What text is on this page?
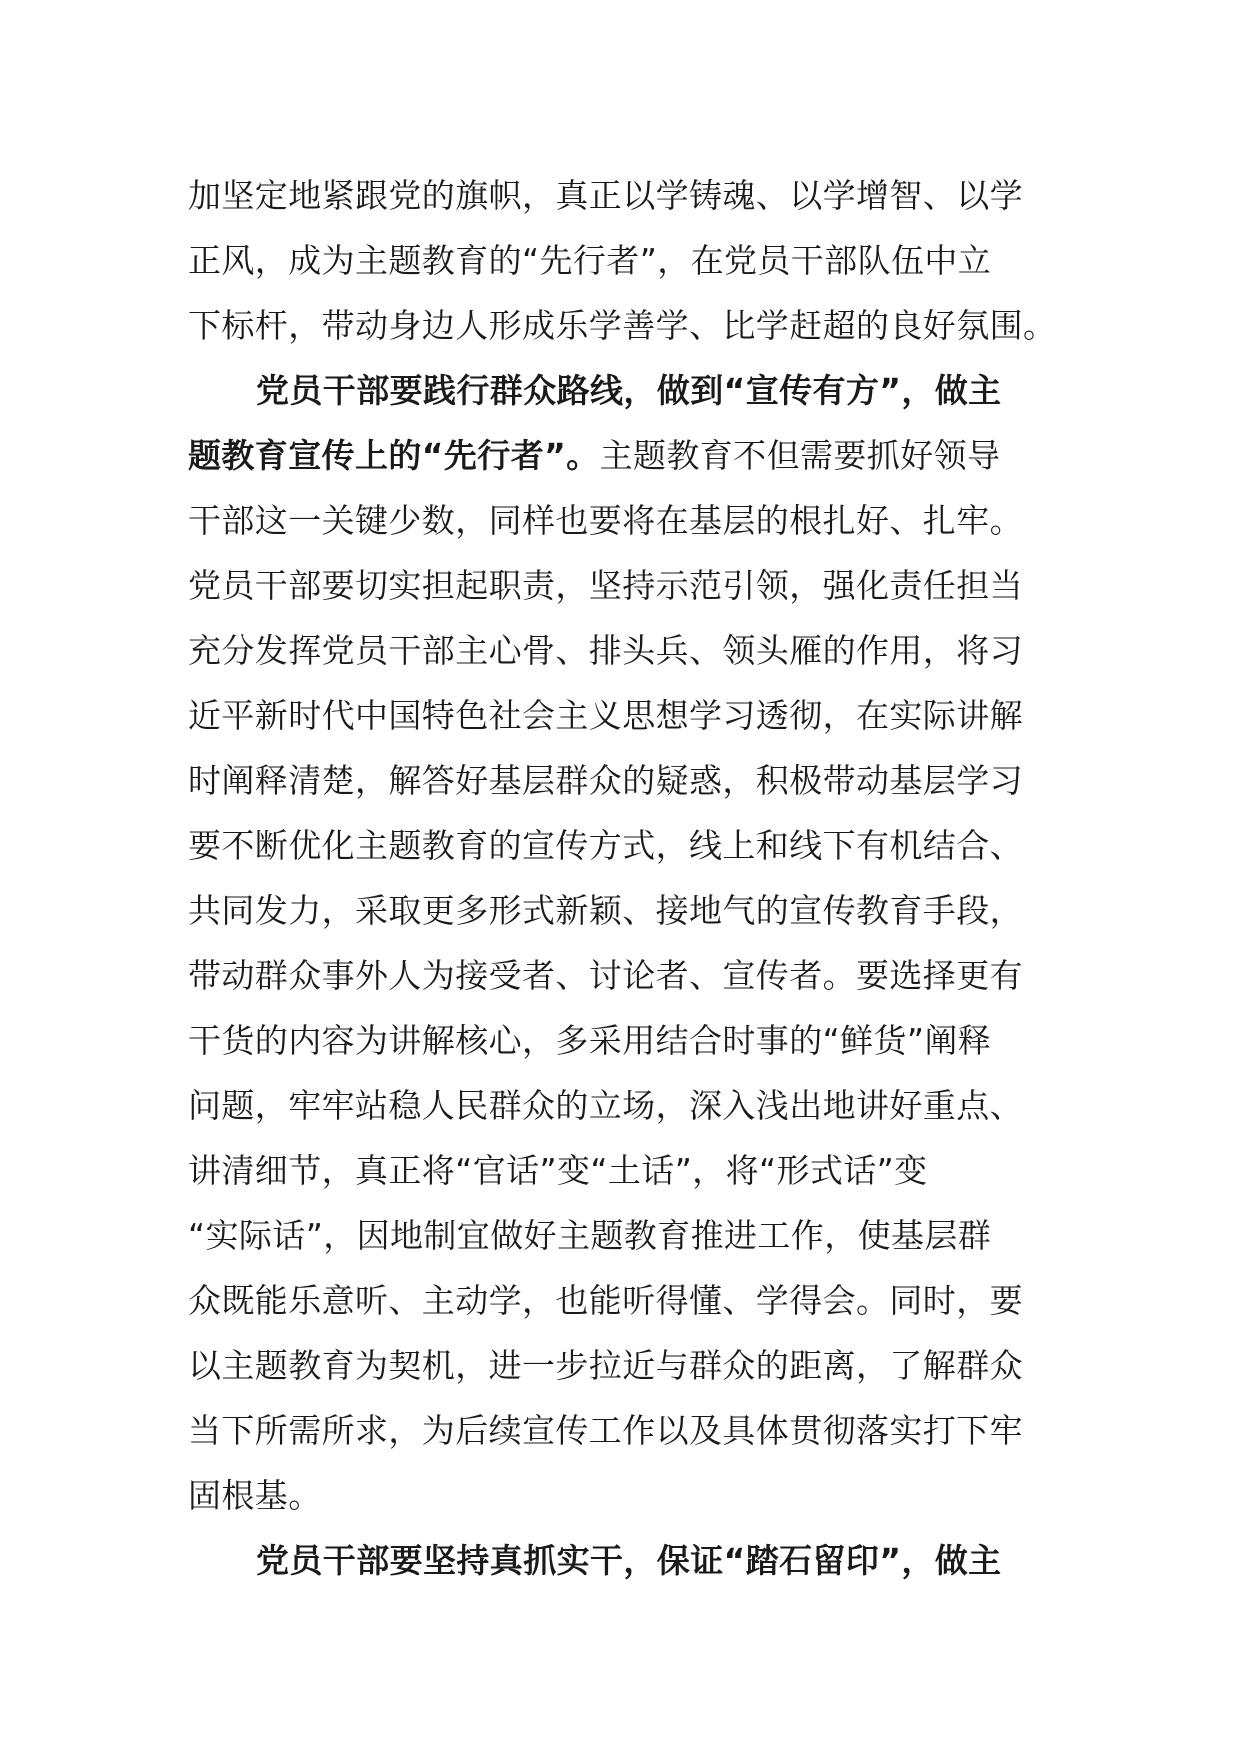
加坚定地紧跟党的旗帜，真正以学铸魂、以学增智、以学
正风，成为主题教育的“先行者”，在党员干部队伍中立
下标杆，带动身边人形成乐学善学、比学赶超的良好氛围。
党员干部要践行群众路线，做到“宣传有方”，做主
题教育宣传上的“先行者”。主题教育不但需要抓好领导
干部这一关键少数，同样也要将在基层的根扎好、扎牢。
党员干部要切实担起职责，坚持示范引领，强化责任担当
充分发挥党员干部主心骨、排头兵、领头雁的作用，将习
近平新时代中国特色社会主义思想学习透彻，在实际讲解
时阐释清楚，解答好基层群众的疑惑，积极带动基层学习
要不断优化主题教育的宣传方式，线上和线下有机结合、
共同发力，采取更多形式新颖、接地气的宣传教育手段，
带动群众事外人为接受者、讨论者、宣传者。要选择更有
干货的内容为讲解核心，多采用结合时事的“鲜货”阐释
问题，牢牢站稳人民群众的立场，深入浅出地讲好重点、
讲清细节，真正将“官话”变“土话”，将“形式话”变
“实际话”，因地制宜做好主题教育推进工作，使基层群
众既能乐意听、主动学，也能听得懂、学得会。同时，要
以主题教育为契机，进一步拉近与群众的距离，了解群众
当下所需所求，为后续宣传工作以及具体贯彻落实打下牢
固根基。
党员干部要坚持真抓实干，保证“踏石留印”，做主
